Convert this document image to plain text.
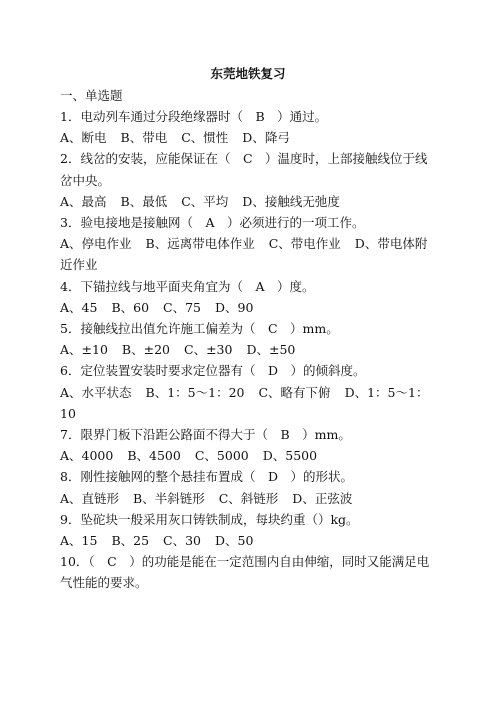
东莞地铁复习
一、单选题
1．电动列车通过分段绝缘器时（　B　）通过。
A、断电 B、带电 C、惯性 D、降弓
2．线岔的安装，应能保证在（　C　）温度时，上部接触线位于线岔中央。
A、最高 B、最低 C、平均 D、接触线无弛度
3．验电接地是接触网（　A　）必须进行的一项工作。
A、停电作业 B、远离带电体作业 C、带电作业 D、带电体附近作业
4．下锚拉线与地平面夹角宜为（　A　）度。
A、45 B、60 C、75 D、90
5．接触线拉出值允许施工偏差为（　C　）mm。
A、±10 B、±20 C、±30 D、±50
6．定位装置安装时要求定位器有（　D　）的倾斜度。
A、水平状态 B、1：5～1：20 C、略有下俯 D、1：5～1：10
7．限界门板下沿距公路面不得大于（　B　）mm。
A、4000 B、4500 C、5000 D、5500
8．刚性接触网的整个悬挂布置成（　D　）的形状。
A、直链形 B、半斜链形 C、斜链形 D、正弦波
9．坠砣块一般采用灰口铸铁制成，每块约重（）kg。
A、15 B、25 C、30 D、50
10．（　C　）的功能是能在一定范围内自由伸缩，同时又能满足电气性能的要求。
